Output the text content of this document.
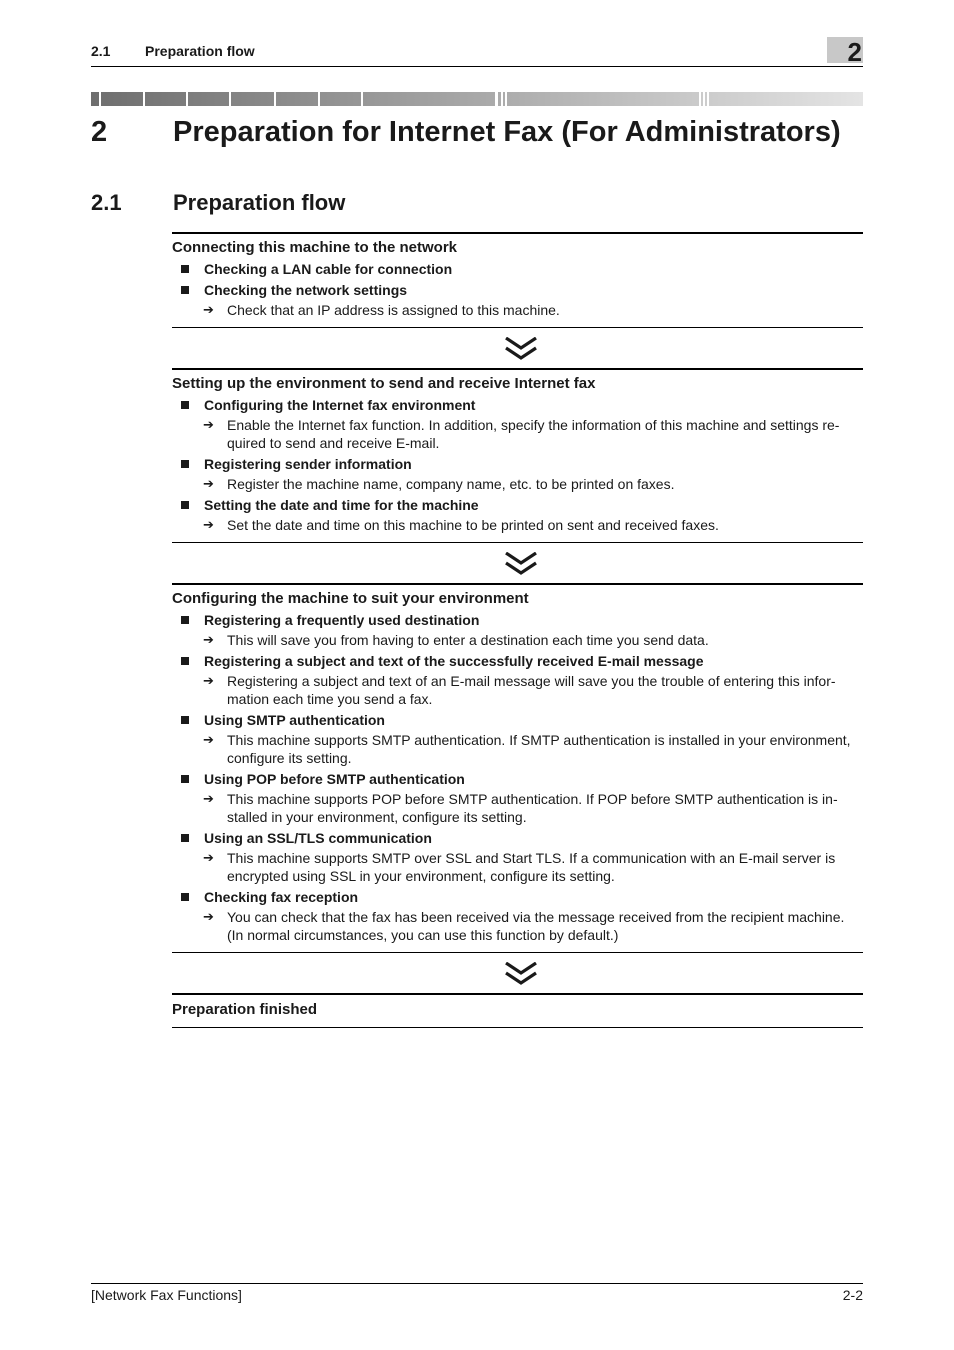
2.1 Preparation flow	2
2 Preparation for Internet Fax (For Administrators)
2.1 Preparation flow
Connecting this machine to the network
Checking a LAN cable for connection
Checking the network settings
➔ Check that an IP address is assigned to this machine.
Setting up the environment to send and receive Internet fax
Configuring the Internet fax environment
➔ Enable the Internet fax function. In addition, specify the information of this machine and settings re-quired to send and receive E-mail.
Registering sender information
➔ Register the machine name, company name, etc. to be printed on faxes.
Setting the date and time for the machine
➔ Set the date and time on this machine to be printed on sent and received faxes.
Configuring the machine to suit your environment
Registering a frequently used destination
➔ This will save you from having to enter a destination each time you send data.
Registering a subject and text of the successfully received E-mail message
➔ Registering a subject and text of an E-mail message will save you the trouble of entering this infor-mation each time you send a fax.
Using SMTP authentication
➔ This machine supports SMTP authentication. If SMTP authentication is installed in your environment, configure its setting.
Using POP before SMTP authentication
➔ This machine supports POP before SMTP authentication. If POP before SMTP authentication is in-stalled in your environment, configure its setting.
Using an SSL/TLS communication
➔ This machine supports SMTP over SSL and Start TLS. If a communication with an E-mail server is encrypted using SSL in your environment, configure its setting.
Checking fax reception
➔ You can check that the fax has been received via the message received from the recipient machine. (In normal circumstances, you can use this function by default.)
Preparation finished
[Network Fax Functions]	2-2
